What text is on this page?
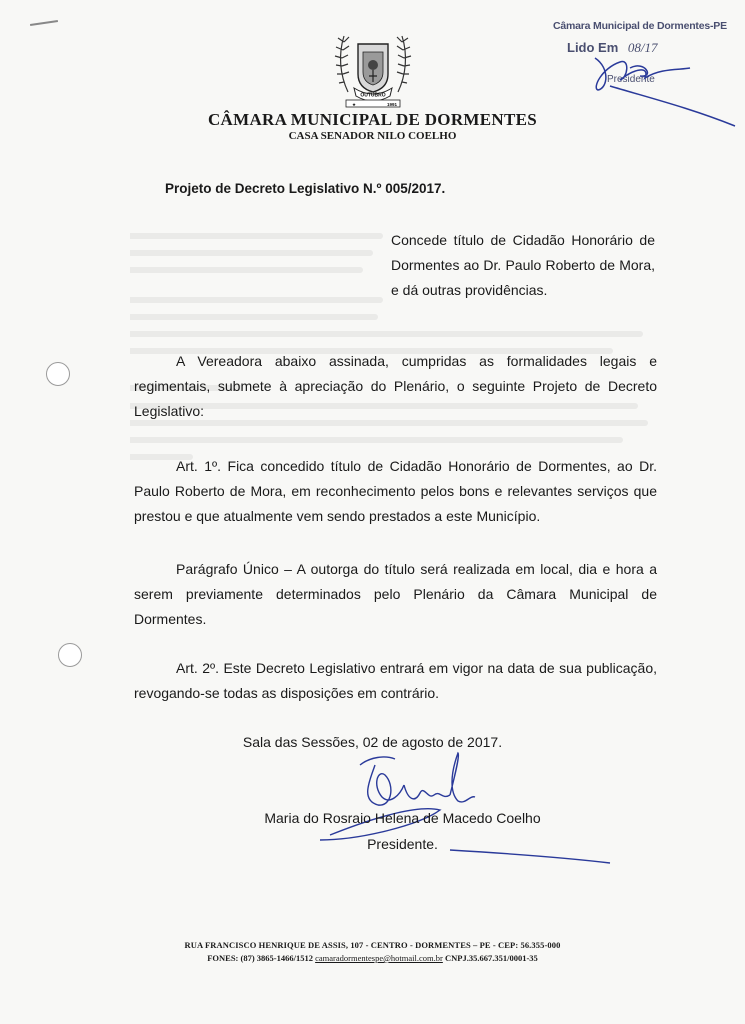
OUTUBRO
1991
★
CÂMARA MUNICIPAL DE DORMENTES
CASA SENADOR NILO COELHO
Câmara Municipal de Dormentes-PE
Lido Em 08/17
Presidente
Projeto de Decreto Legislativo N.º 005/2017.
Concede título de Cidadão Honorário de Dormentes ao Dr. Paulo Roberto de Mora, e dá outras providências.
A Vereadora abaixo assinada, cumpridas as formalidades legais e regimentais, submete à apreciação do Plenário, o seguinte Projeto de Decreto Legislativo:
Art. 1º. Fica concedido título de Cidadão Honorário de Dormentes, ao Dr. Paulo Roberto de Mora, em reconhecimento pelos bons e relevantes serviços que prestou e que atualmente vem sendo prestados a este Município.
Parágrafo Único – A outorga do título será realizada em local, dia e hora a serem previamente determinados pelo Plenário da Câmara Municipal de Dormentes.
Art. 2º. Este Decreto Legislativo entrará em vigor na data de sua publicação, revogando-se todas as disposições em contrário.
Sala das Sessões, 02 de agosto de 2017.
Maria do Rosraio Helena de Macedo Coelho
Presidente.
RUA FRANCISCO HENRIQUE DE ASSIS, 107 - CENTRO - DORMENTES – PE - CEP: 56.355-000
FONES: (87) 3865-1466/1512 camaradormentespe@hotmail.com.br CNPJ.35.667.351/0001-35
